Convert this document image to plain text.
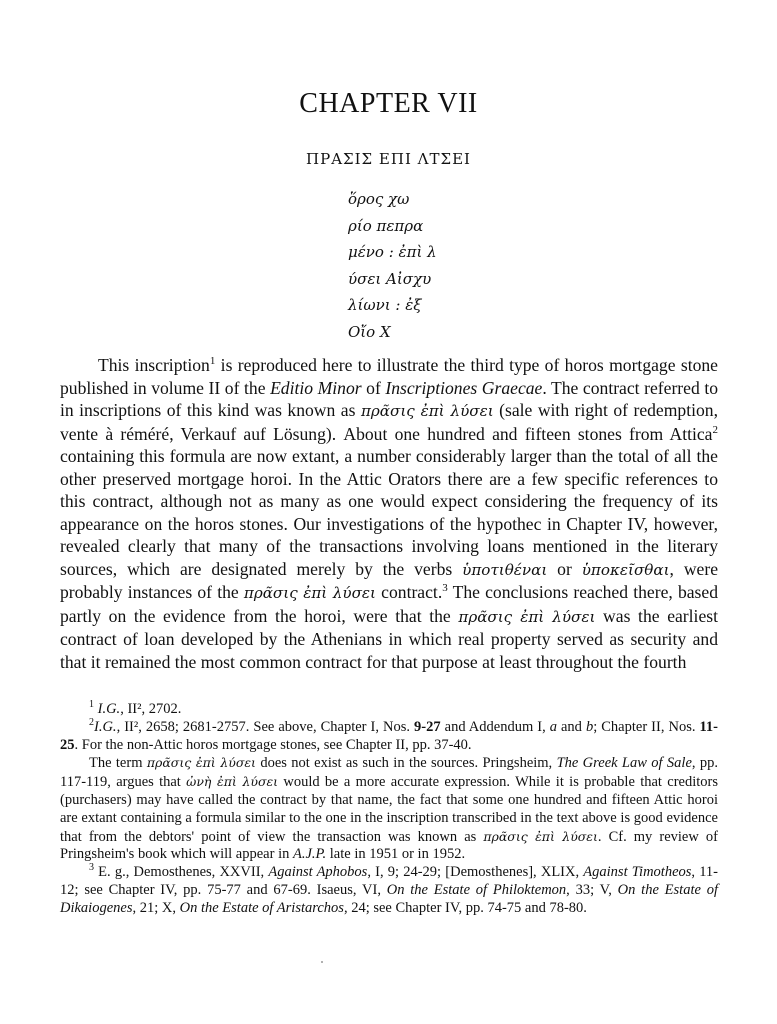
CHAPTER VII
ΠΡΑΣΙΣ ΕΠΙ ΛΤΣΕΙ
ὅρος χω
ρίο πεπρα
μένο : ἐπὶ λ
ύσει Αἰσχυ
λίωνι : ἐξ
Οἴο Χ

This inscription$^1$ is reproduced here to illustrate the third type of horos mortgage stone published in volume II of the Editio Minor of Inscriptiones Graecae. The contract referred to in inscriptions of this kind was known as πρᾶσις ἐπὶ λύσει (sale with right of redemption, vente à réméré, Verkauf auf Lösung). About one hundred and fifteen stones from Attica$^2$ containing this formula are now extant, a number considerably larger than the total of all the other preserved mortgage horoi. In the Attic Orators there are a few specific references to this contract, although not as many as one would expect considering the frequency of its appearance on the horos stones. Our investigations of the hypothec in Chapter IV, however, revealed clearly that many of the transactions involving loans mentioned in the literary sources, which are designated merely by the verbs ὑποτιθέναι or ὑποκεῖσθαι, were probably instances of the πρᾶσις ἐπὶ λύσει contract.$^3$ The conclusions reached there, based partly on the evidence from the horoi, were that the πρᾶσις ἐπὶ λύσει was the earliest contract of loan developed by the Athenians in which real property served as security and that it remained the most common contract for that purpose at least throughout the fourth

$^1$ I.G., II², 2702.

$^2$I.G., II², 2658; 2681-2757. See above, Chapter I, Nos. 9-27 and Addendum I, a and b; Chapter II, Nos. 11-25. For the non-Attic horos mortgage stones, see Chapter II, pp. 37-40.

The term πρᾶσις ἐπὶ λύσει does not exist as such in the sources. Pringsheim, The Greek Law of Sale, pp. 117-119, argues that ὠνὴ ἐπὶ λύσει would be a more accurate expression. While it is probable that creditors (purchasers) may have called the contract by that name, the fact that some one hundred and fifteen Attic horoi are extant containing a formula similar to the one in the inscription transcribed in the text above is good evidence that from the debtors' point of view the transaction was known as πρᾶσις ἐπὶ λύσει. Cf. my review of Pringsheim's book which will appear in A.J.P. late in 1951 or in 1952.

$^3$ E. g., Demosthenes, XXVII, Against Aphobos, I, 9; 24-29; [Demosthenes], XLIX, Against Timotheos, 11-12; see Chapter IV, pp. 75-77 and 67-69. Isaeus, VI, On the Estate of Philoktemon, 33; V, On the Estate of Dikaiogenes, 21; X, On the Estate of Aristarchos, 24; see Chapter IV, pp. 74-75 and 78-80.
